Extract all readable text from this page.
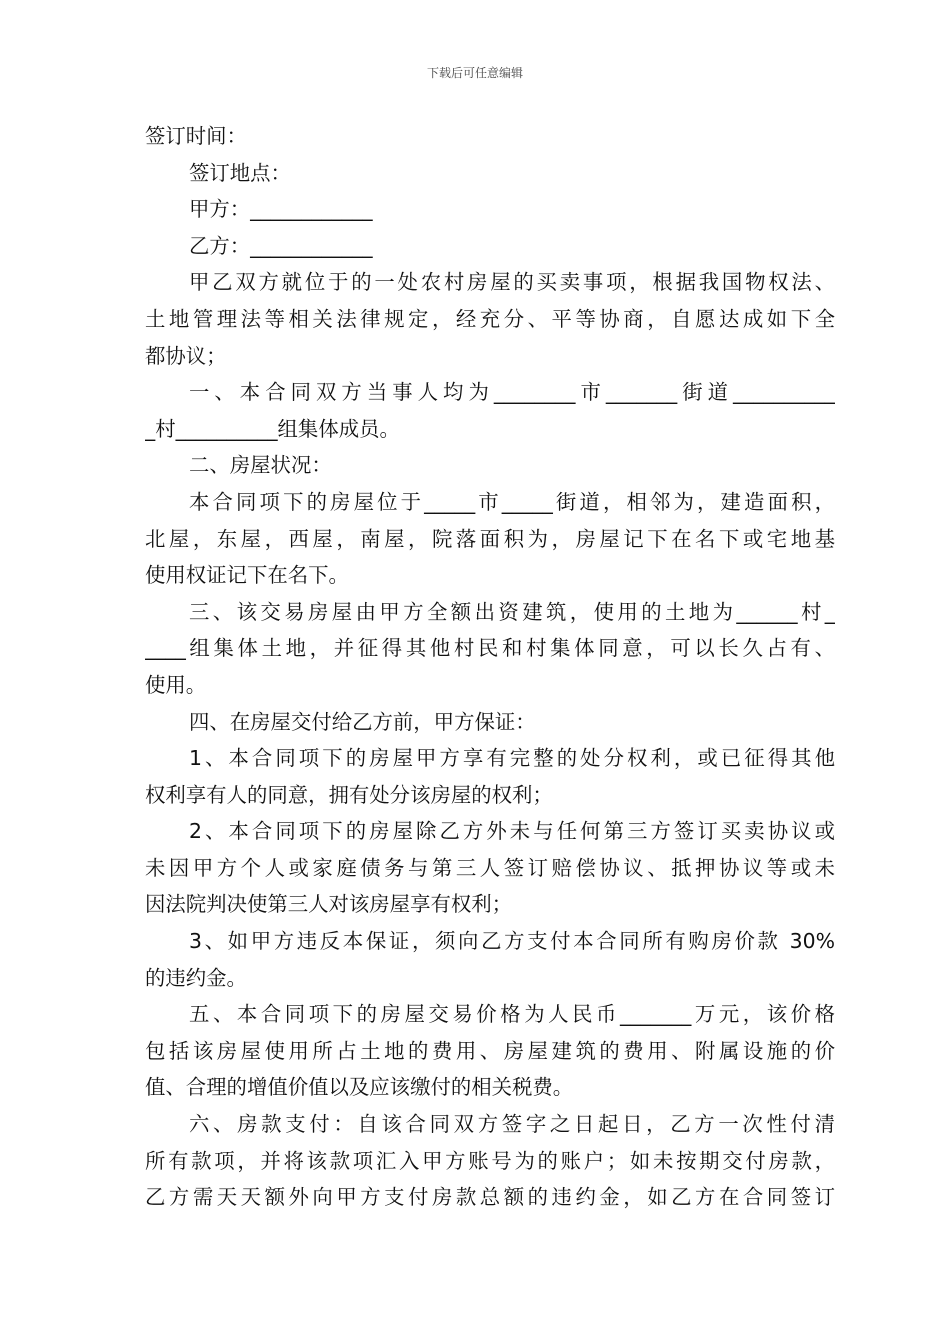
下载后可任意编辑
签订时间：
签订地点：
甲方：____________
乙方：____________
甲乙双方就位于的一处农村房屋的买卖事项，根据我国物权法、
土地管理法等相关法律规定，经充分、平等协商，自愿达成如下全
都协议；
一、本合同双方当事人均为________市_______街道__________
_村__________组集体成员。
二、房屋状况：
本合同项下的房屋位于_____市_____街道，相邻为，建造面积，
北屋，东屋，西屋，南屋，院落面积为，房屋记下在名下或宅地基
使用权证记下在名下。
三、该交易房屋由甲方全额出资建筑，使用的土地为______村_
____组集体土地，并征得其他村民和村集体同意，可以长久占有、
使用。
四、在房屋交付给乙方前，甲方保证：
1、本合同项下的房屋甲方享有完整的处分权利，或已征得其他
权利享有人的同意，拥有处分该房屋的权利；
2、本合同项下的房屋除乙方外未与任何第三方签订买卖协议或
未因甲方个人或家庭债务与第三人签订赔偿协议、抵押协议等或未
因法院判决使第三人对该房屋享有权利；
3、如甲方违反本保证，须向乙方支付本合同所有购房价款 30%
的违约金。
五、本合同项下的房屋交易价格为人民币_______万元，该价格
包括该房屋使用所占土地的费用、房屋建筑的费用、附属设施的价
值、合理的增值价值以及应该缴付的相关税费。
六、房款支付：自该合同双方签字之日起日，乙方一次性付清
所有款项，并将该款项汇入甲方账号为的账户；如未按期交付房款，
乙方需天天额外向甲方支付房款总额的违约金，如乙方在合同签订
